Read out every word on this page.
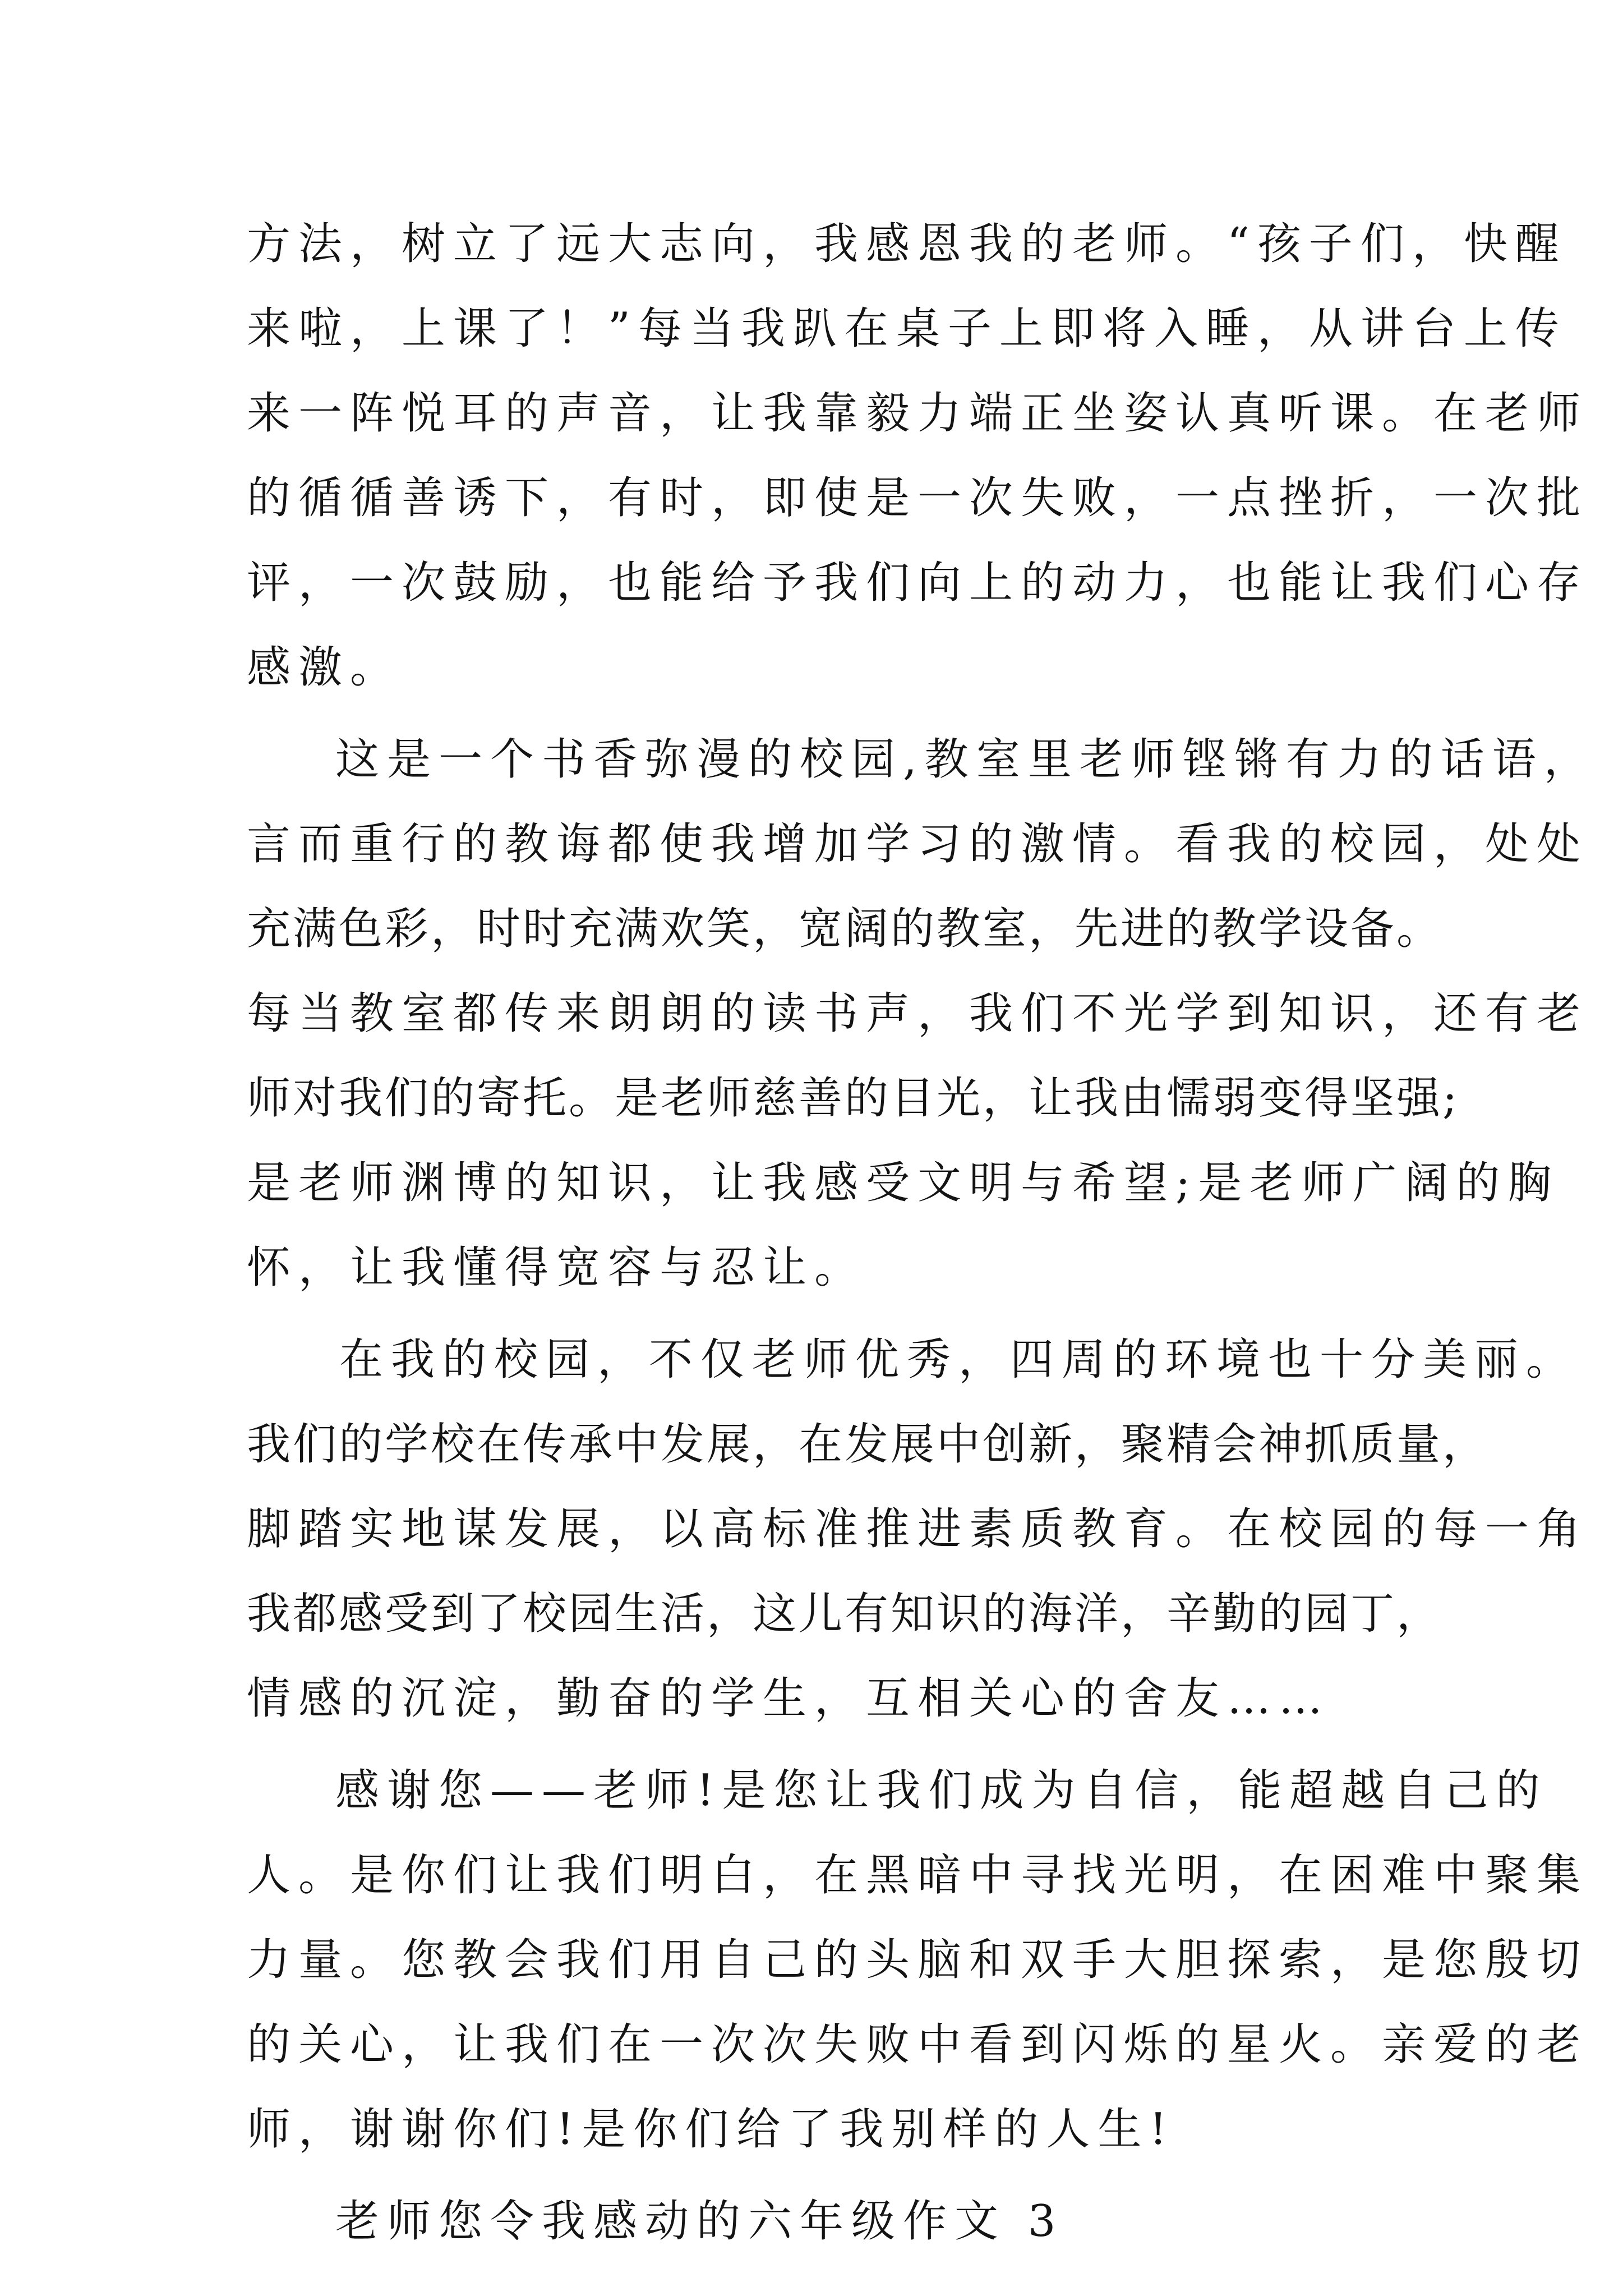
方法，树立了远大志向，我感恩我的老师。“孩子们，快醒
来啦，上课了！”每当我趴在桌子上即将入睡，从讲台上传
来一阵悦耳的声音，让我靠毅力端正坐姿认真听课。在老师
的循循善诱下，有时，即使是一次失败，一点挫折，一次批
评，一次鼓励，也能给予我们向上的动力，也能让我们心存
感激。
这是一个书香弥漫的校园,教室里老师铿锵有力的话语，
言而重行的教诲都使我增加学习的激情。看我的校园，处处
充满色彩，时时充满欢笑，宽阔的教室，先进的教学设备。
每当教室都传来朗朗的读书声，我们不光学到知识，还有老
师对我们的寄托。是老师慈善的目光，让我由懦弱变得坚强;
是老师渊博的知识，让我感受文明与希望;是老师广阔的胸
怀，让我懂得宽容与忍让。
在我的校园，不仅老师优秀，四周的环境也十分美丽。
我们的学校在传承中发展，在发展中创新，聚精会神抓质量，
脚踏实地谋发展，以高标准推进素质教育。在校园的每一角
我都感受到了校园生活，这儿有知识的海洋，辛勤的园丁，
情感的沉淀，勤奋的学生，互相关心的舍友……
感谢您——老师!是您让我们成为自信，能超越自己的
人。是你们让我们明白，在黑暗中寻找光明，在困难中聚集
力量。您教会我们用自己的头脑和双手大胆探索，是您殷切
的关心，让我们在一次次失败中看到闪烁的星火。亲爱的老
师，谢谢你们!是你们给了我别样的人生!
老师您令我感动的六年级作文 3
